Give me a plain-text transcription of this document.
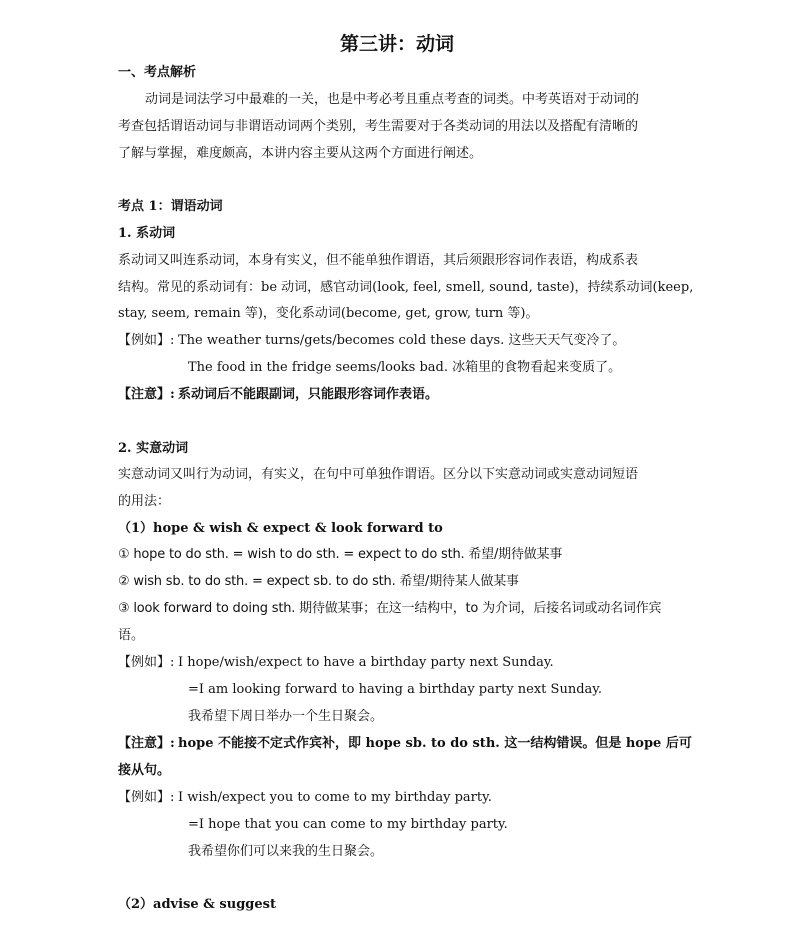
第三讲：动词
一、考点解析
动词是词法学习中最难的一关，也是中考必考且重点考查的词类。中考英语对于动词的
考查包括谓语动词与非谓语动词两个类别，考生需要对于各类动词的用法以及搭配有清晰的
了解与掌握，难度颇高，本讲内容主要从这两个方面进行阐述。
考点 1：谓语动词
1. 系动词
系动词又叫连系动词，本身有实义，但不能单独作谓语，其后须跟形容词作表语，构成系表
结构。常见的系动词有：be 动词，感官动词(look, feel, smell, sound, taste)，持续系动词(keep,
stay, seem, remain 等)，变化系动词(become, get, grow, turn 等)。
【例如】: The weather turns/gets/becomes cold these days. 这些天天气变冷了。
The food in the fridge seems/looks bad. 冰箱里的食物看起来变质了。
【注意】: 系动词后不能跟副词，只能跟形容词作表语。
2. 实意动词
实意动词又叫行为动词，有实义，在句中可单独作谓语。区分以下实意动词或实意动词短语
的用法：
（1）hope & wish & expect & look forward to
① hope to do sth. = wish to do sth. = expect to do sth. 希望/期待做某事
② wish sb. to do sth. = expect sb. to do sth. 希望/期待某人做某事
③ look forward to doing sth. 期待做某事；在这一结构中，to 为介词，后接名词或动名词作宾
语。
【例如】: I hope/wish/expect to have a birthday party next Sunday.
=I am looking forward to having a birthday party next Sunday.
我希望下周日举办一个生日聚会。
【注意】: hope 不能接不定式作宾补，即 hope sb. to do sth. 这一结构错误。但是 hope 后可
接从句。
【例如】: I wish/expect you to come to my birthday party.
=I hope that you can come to my birthday party.
我希望你们可以来我的生日聚会。
（2）advise & suggest
